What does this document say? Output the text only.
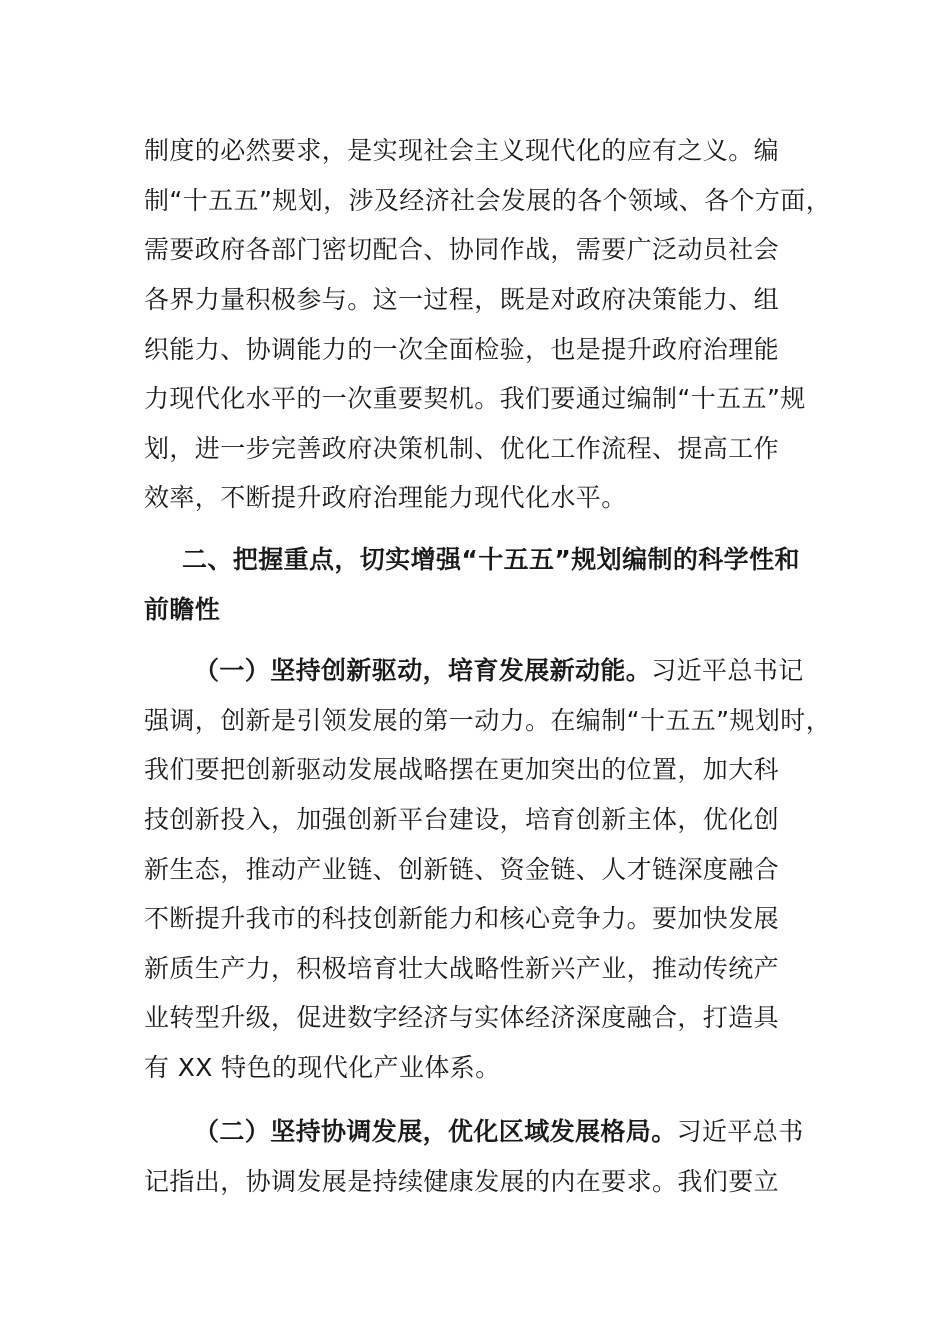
制度的必然要求，是实现社会主义现代化的应有之义。编
制“十五五”规划，涉及经济社会发展的各个领域、各个方面，
需要政府各部门密切配合、协同作战，需要广泛动员社会
各界力量积极参与。这一过程，既是对政府决策能力、组
织能力、协调能力的一次全面检验，也是提升政府治理能
力现代化水平的一次重要契机。我们要通过编制“十五五”规
划，进一步完善政府决策机制、优化工作流程、提高工作
效率，不断提升政府治理能力现代化水平。
二、把握重点，切实增强“十五五”规划编制的科学性和
前瞻性
（一）坚持创新驱动，培育发展新动能。习近平总书记
强调，创新是引领发展的第一动力。在编制“十五五”规划时，
我们要把创新驱动发展战略摆在更加突出的位置，加大科
技创新投入，加强创新平台建设，培育创新主体，优化创
新生态，推动产业链、创新链、资金链、人才链深度融合
不断提升我市的科技创新能力和核心竞争力。要加快发展
新质生产力，积极培育壮大战略性新兴产业，推动传统产
业转型升级，促进数字经济与实体经济深度融合，打造具
有 XX 特色的现代化产业体系。
（二）坚持协调发展，优化区域发展格局。习近平总书
记指出，协调发展是持续健康发展的内在要求。我们要立
